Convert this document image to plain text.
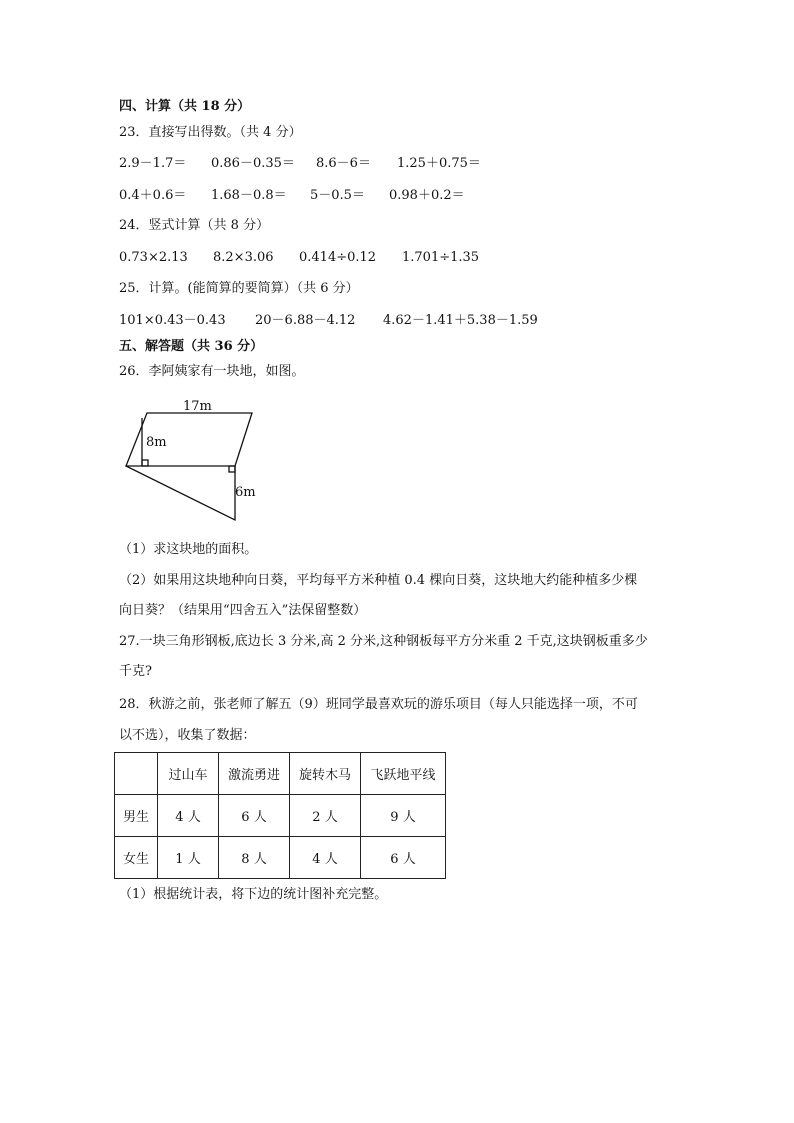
四、计算（共 18 分）
23．直接写出得数。（共 4 分）
2.9－1.7＝ 0.86－0.35＝ 8.6－6＝ 1.25＋0.75＝
0.4＋0.6＝ 1.68－0.8＝ 5－0.5＝ 0.98＋0.2＝
24．竖式计算（共 8 分）
0.73×2.13 8.2×3.06 0.414÷0.12 1.701÷1.35
25．计算。(能简算的要简算）（共 6 分）
101×0.43－0.43 20－6.88－4.12 4.62－1.41＋5.38－1.59
五、解答题（共 36 分）
26．李阿姨家有一块地，如图。
17m
8m
6m
（1）求这块地的面积。
（2）如果用这块地种向日葵，平均每平方米种植 0.4 棵向日葵，这块地大约能种植多少棵
向日葵？（结果用“四舍五入”法保留整数）
27.一块三角形钢板,底边长 3 分米,高 2 分米,这种钢板每平方分米重 2 千克,这块钢板重多少
千克?
28．秋游之前，张老师了解五（9）班同学最喜欢玩的游乐项目（每人只能选择一项，不可
以不选），收集了数据：
	过山车	激流勇进	旋转木马	飞跃地平线
男生	4 人	6 人	2 人	9 人
女生	1 人	8 人	4 人	6 人
（1）根据统计表，将下边的统计图补充完整。
